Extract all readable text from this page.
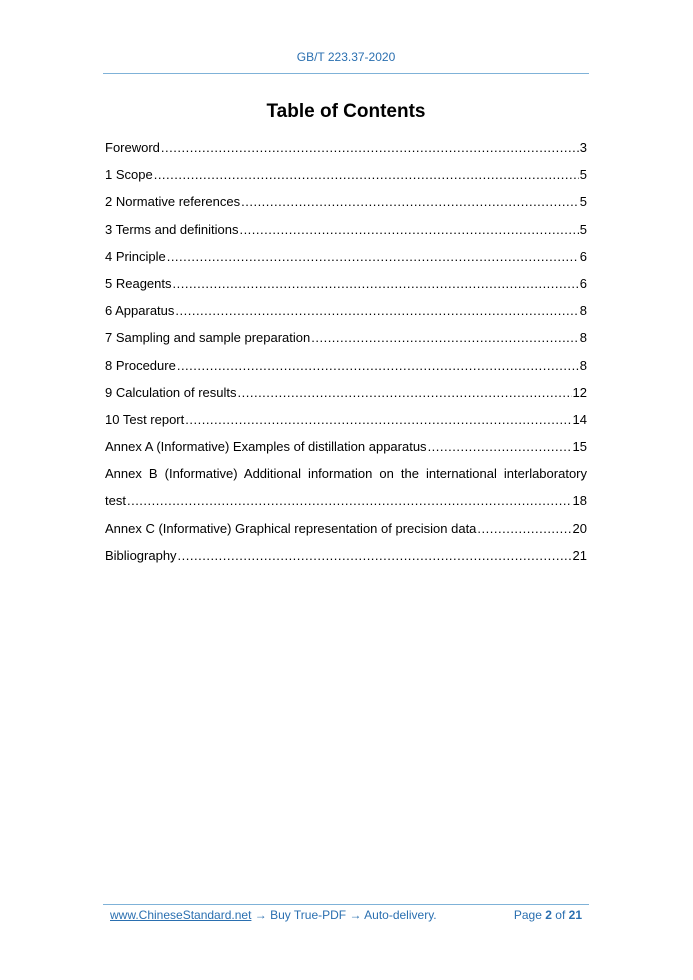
GB/T 223.37-2020
Table of Contents
Foreword .....	3
1 Scope .....	5
2 Normative references .....	5
3 Terms and definitions .....	5
4 Principle .....	6
5 Reagents .....	6
6 Apparatus .....	8
7 Sampling and sample preparation .....	8
8 Procedure .....	8
9 Calculation of results .....	12
10 Test report .....	14
Annex A (Informative) Examples of distillation apparatus .....	15
Annex B (Informative) Additional information on the international interlaboratory
test .....	18
Annex C (Informative) Graphical representation of precision data .....	20
Bibliography .....	21
www.ChineseStandard.net → Buy True-PDF → Auto-delivery.	Page 2 of 21
